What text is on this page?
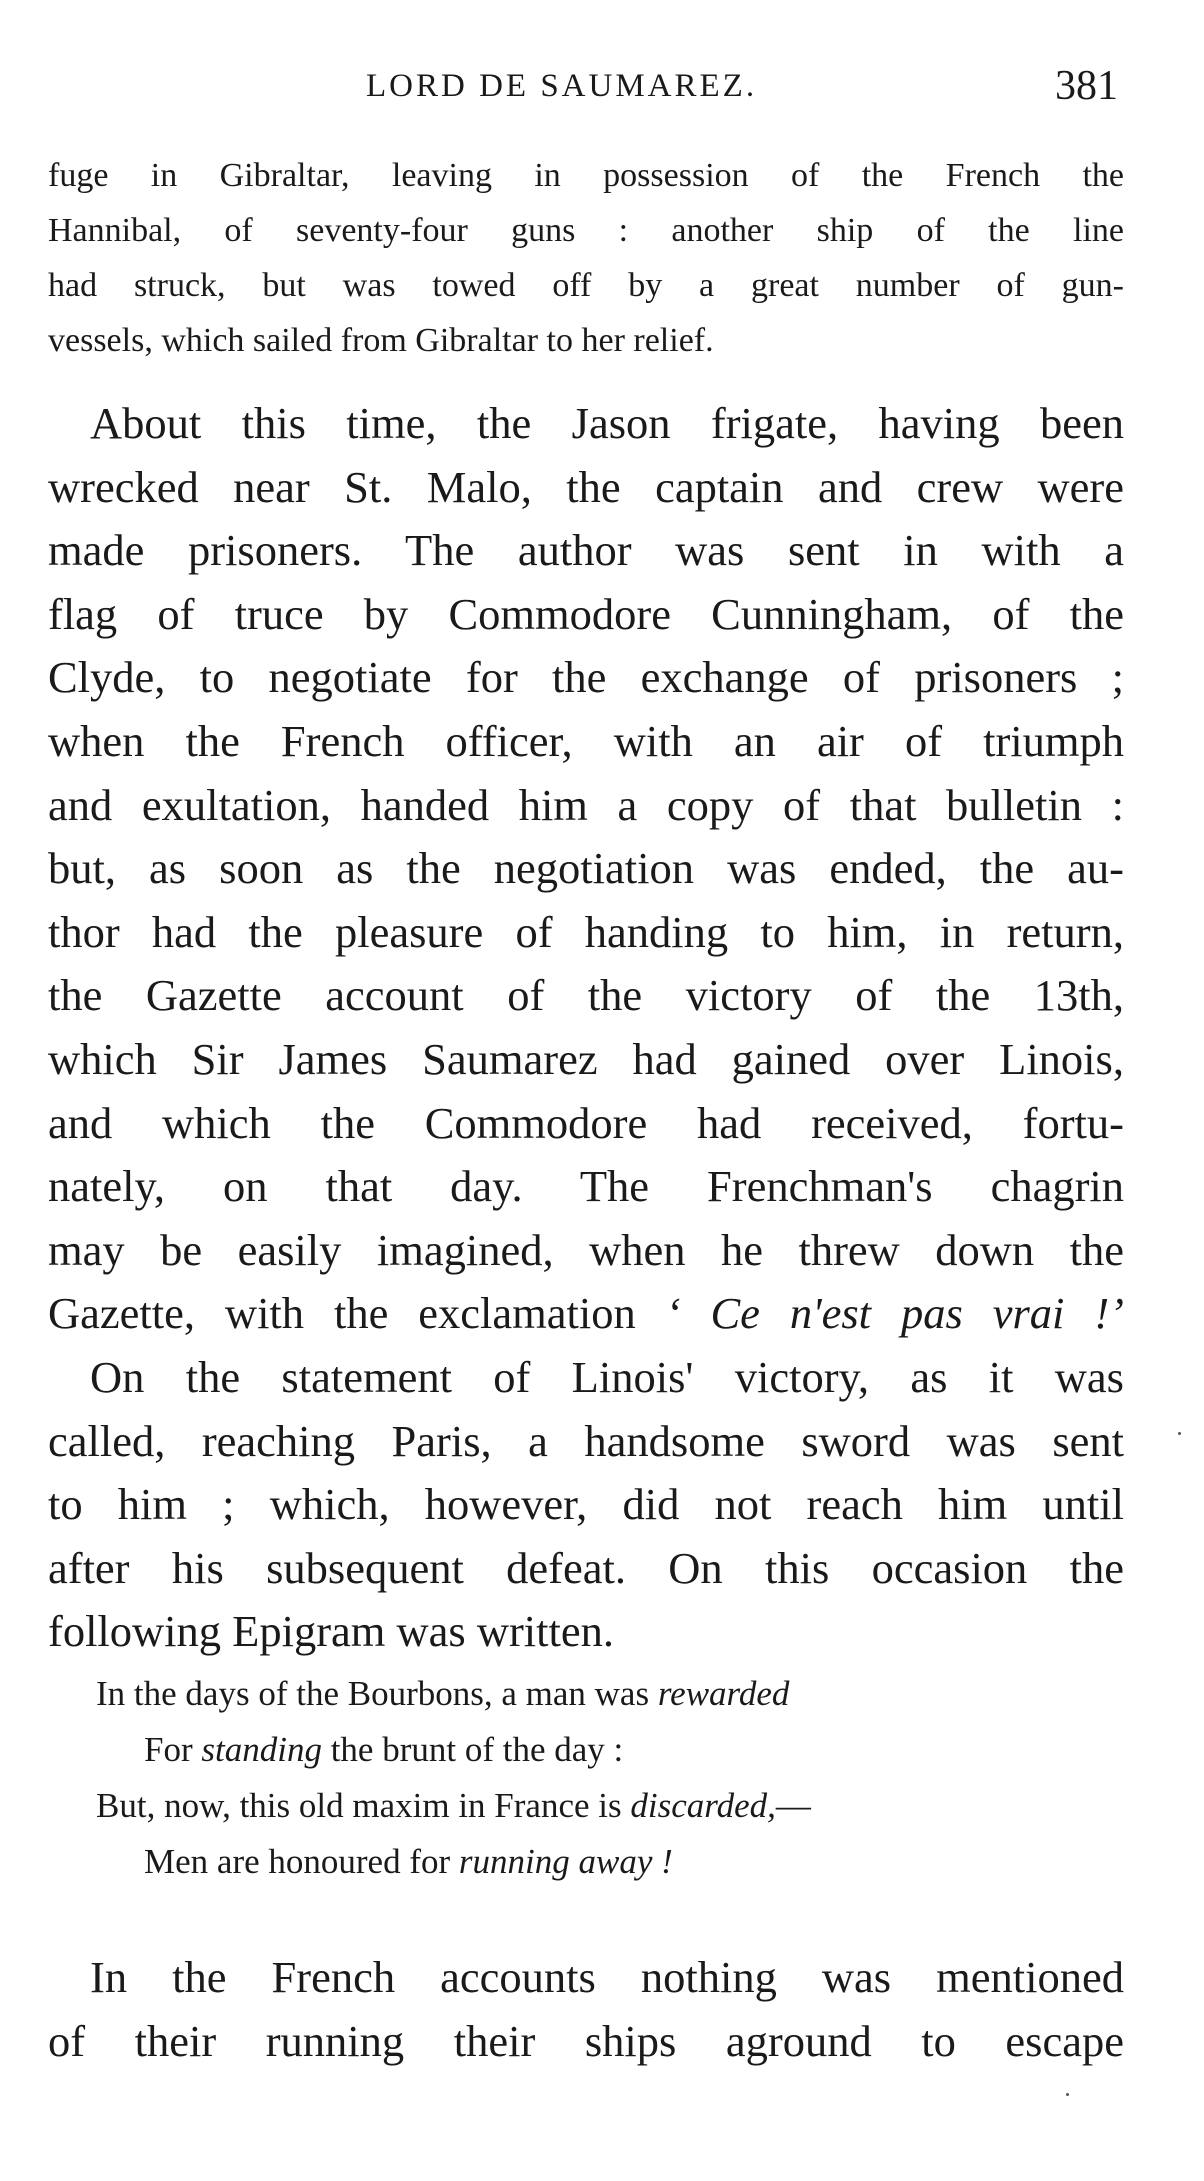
LORD DE SAUMAREZ.	381
fuge in Gibraltar, leaving in possession of the French the
Hannibal, of seventy-four guns : another ship of the line
had struck, but was towed off by a great number of gun-
vessels, which sailed from Gibraltar to her relief.
About this time, the Jason frigate, having been
wrecked near St. Malo, the captain and crew were
made prisoners. The author was sent in with a
flag of truce by Commodore Cunningham, of the
Clyde, to negotiate for the exchange of prisoners ;
when the French officer, with an air of triumph
and exultation, handed him a copy of that bulletin :
but, as soon as the negotiation was ended, the au-
thor had the pleasure of handing to him, in return,
the Gazette account of the victory of the 13th,
which Sir James Saumarez had gained over Linois,
and which the Commodore had received, fortu-
nately, on that day. The Frenchman's chagrin
may be easily imagined, when he threw down the
Gazette, with the exclamation ‘ Ce n'est pas vrai !’
On the statement of Linois' victory, as it was
called, reaching Paris, a handsome sword was sent
to him ; which, however, did not reach him until
after his subsequent defeat. On this occasion the
following Epigram was written.
In the days of the Bourbons, a man was rewarded
For standing the brunt of the day :
But, now, this old maxim in France is discarded,—
Men are honoured for running away !
In the French accounts nothing was mentioned
of their running their ships aground to escape
